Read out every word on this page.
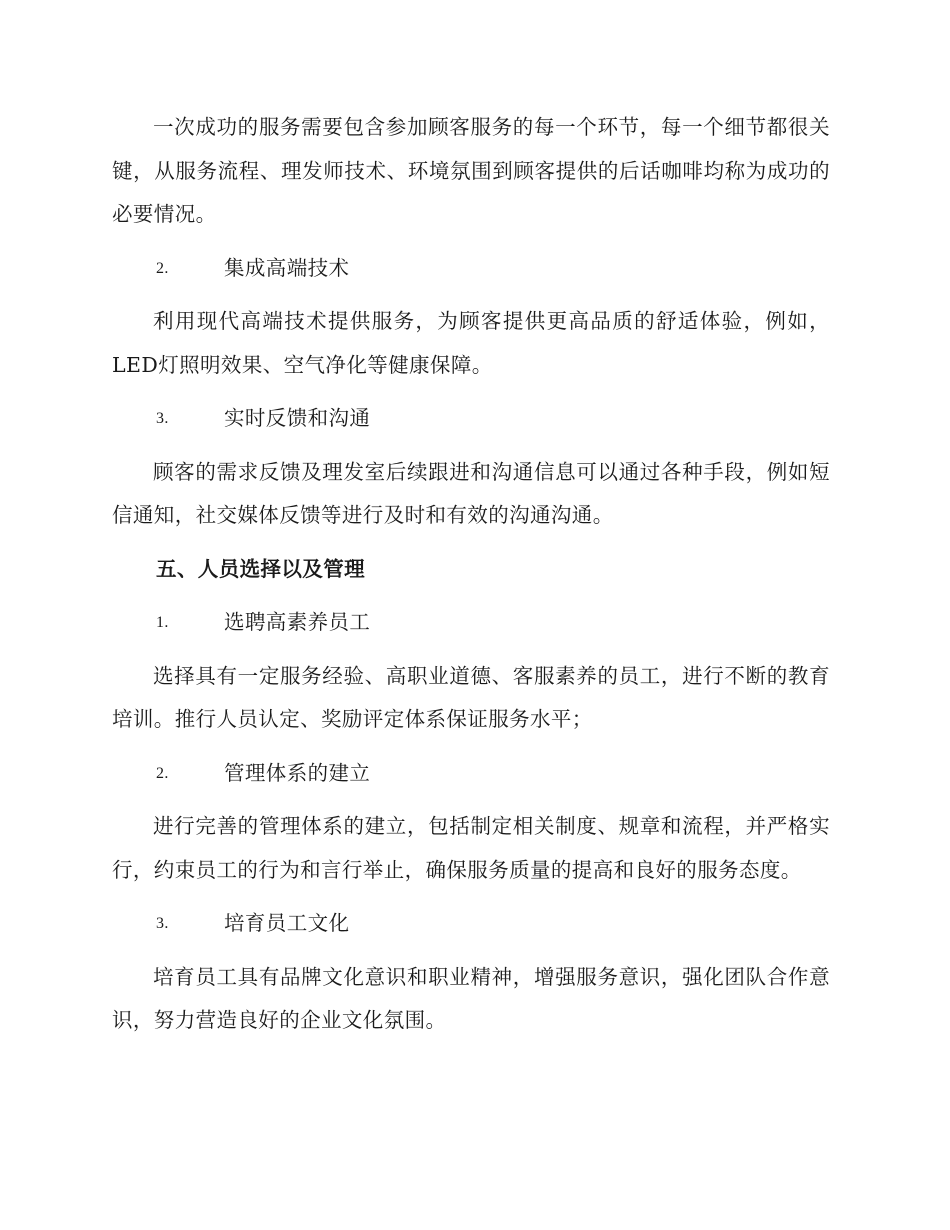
一次成功的服务需要包含参加顾客服务的每一个环节，每一个细节都很关键，从服务流程、理发师技术、环境氛围到顾客提供的后话咖啡均称为成功的必要情况。

2.	集成高端技术

利用现代高端技术提供服务，为顾客提供更高品质的舒适体验，例如，LED灯照明效果、空气净化等健康保障。

3.	实时反馈和沟通

顾客的需求反馈及理发室后续跟进和沟通信息可以通过各种手段，例如短信通知，社交媒体反馈等进行及时和有效的沟通沟通。

五、人员选择以及管理
1.	选聘高素养员工

选择具有一定服务经验、高职业道德、客服素养的员工，进行不断的教育培训。推行人员认定、奖励评定体系保证服务水平；

2.	管理体系的建立

进行完善的管理体系的建立，包括制定相关制度、规章和流程，并严格实行，约束员工的行为和言行举止，确保服务质量的提高和良好的服务态度。

3.	培育员工文化

培育员工具有品牌文化意识和职业精神，增强服务意识，强化团队合作意识，努力营造良好的企业文化氛围。
